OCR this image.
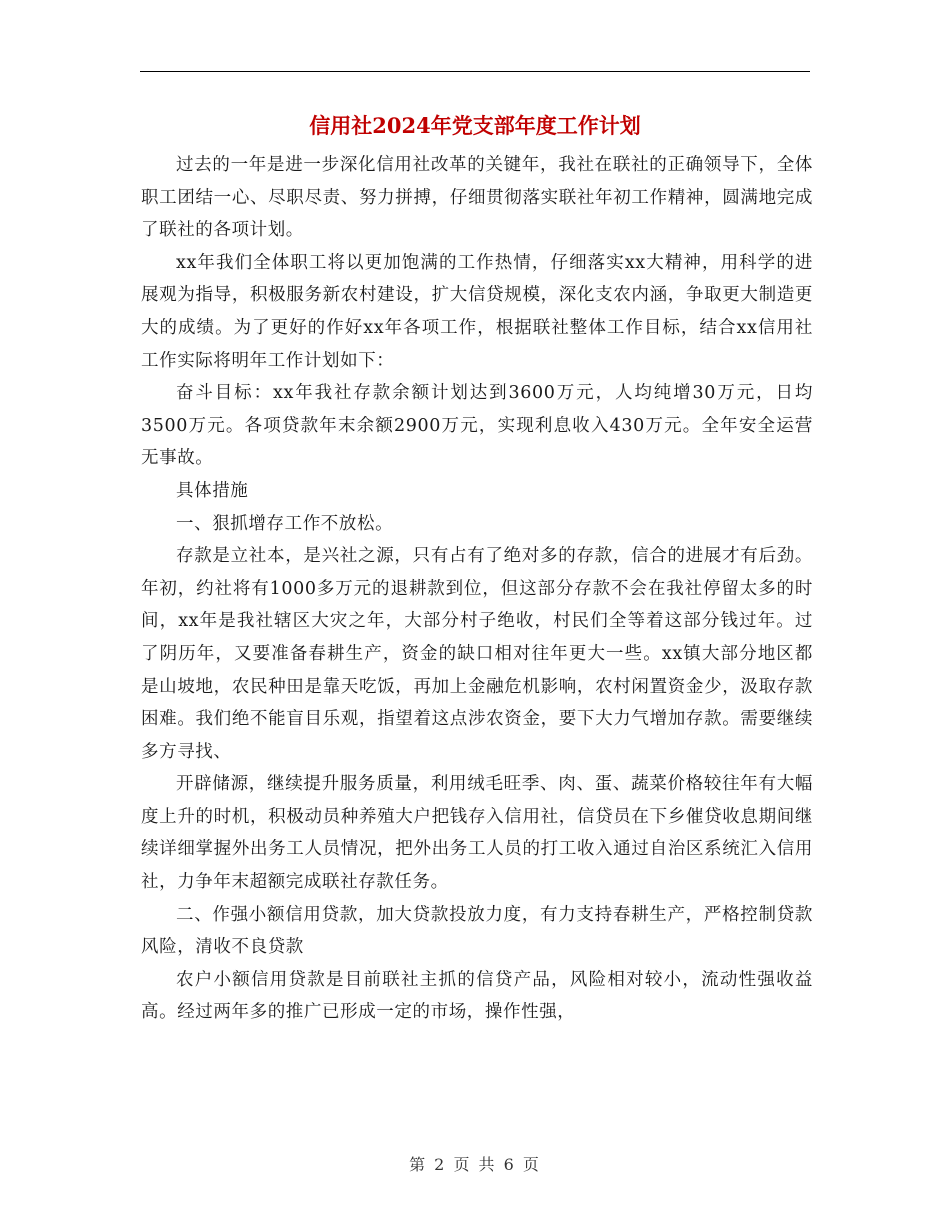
信用社2024年党支部年度工作计划

过去的一年是进一步深化信用社改革的关键年，我社在联社的正确领导下，全体职工团结一心、尽职尽责、努力拼搏，仔细贯彻落实联社年初工作精神，圆满地完成了联社的各项计划。

xx年我们全体职工将以更加饱满的工作热情，仔细落实xx大精神，用科学的进展观为指导，积极服务新农村建设，扩大信贷规模，深化支农内涵，争取更大制造更大的成绩。为了更好的作好xx年各项工作，根据联社整体工作目标，结合xx信用社工作实际将明年工作计划如下：

奋斗目标：xx年我社存款余额计划达到3600万元，人均纯增30万元，日均3500万元。各项贷款年末余额2900万元，实现利息收入430万元。全年安全运营无事故。

具体措施

一、狠抓增存工作不放松。

存款是立社本，是兴社之源，只有占有了绝对多的存款，信合的进展才有后劲。年初，约社将有1000多万元的退耕款到位，但这部分存款不会在我社停留太多的时间，xx年是我社辖区大灾之年，大部分村子绝收，村民们全等着这部分钱过年。过了阴历年，又要准备春耕生产，资金的缺口相对往年更大一些。xx镇大部分地区都是山坡地，农民种田是靠天吃饭，再加上金融危机影响，农村闲置资金少，汲取存款困难。我们绝不能盲目乐观，指望着这点涉农资金，要下大力气增加存款。需要继续多方寻找、

开辟储源，继续提升服务质量，利用绒毛旺季、肉、蛋、蔬菜价格较往年有大幅度上升的时机，积极动员种养殖大户把钱存入信用社，信贷员在下乡催贷收息期间继续详细掌握外出务工人员情况，把外出务工人员的打工收入通过自治区系统汇入信用社，力争年末超额完成联社存款任务。

二、作强小额信用贷款，加大贷款投放力度，有力支持春耕生产，严格控制贷款风险，清收不良贷款

农户小额信用贷款是目前联社主抓的信贷产品，风险相对较小，流动性强收益高。经过两年多的推广已形成一定的市场，操作性强，

第 2 页 共 6 页
